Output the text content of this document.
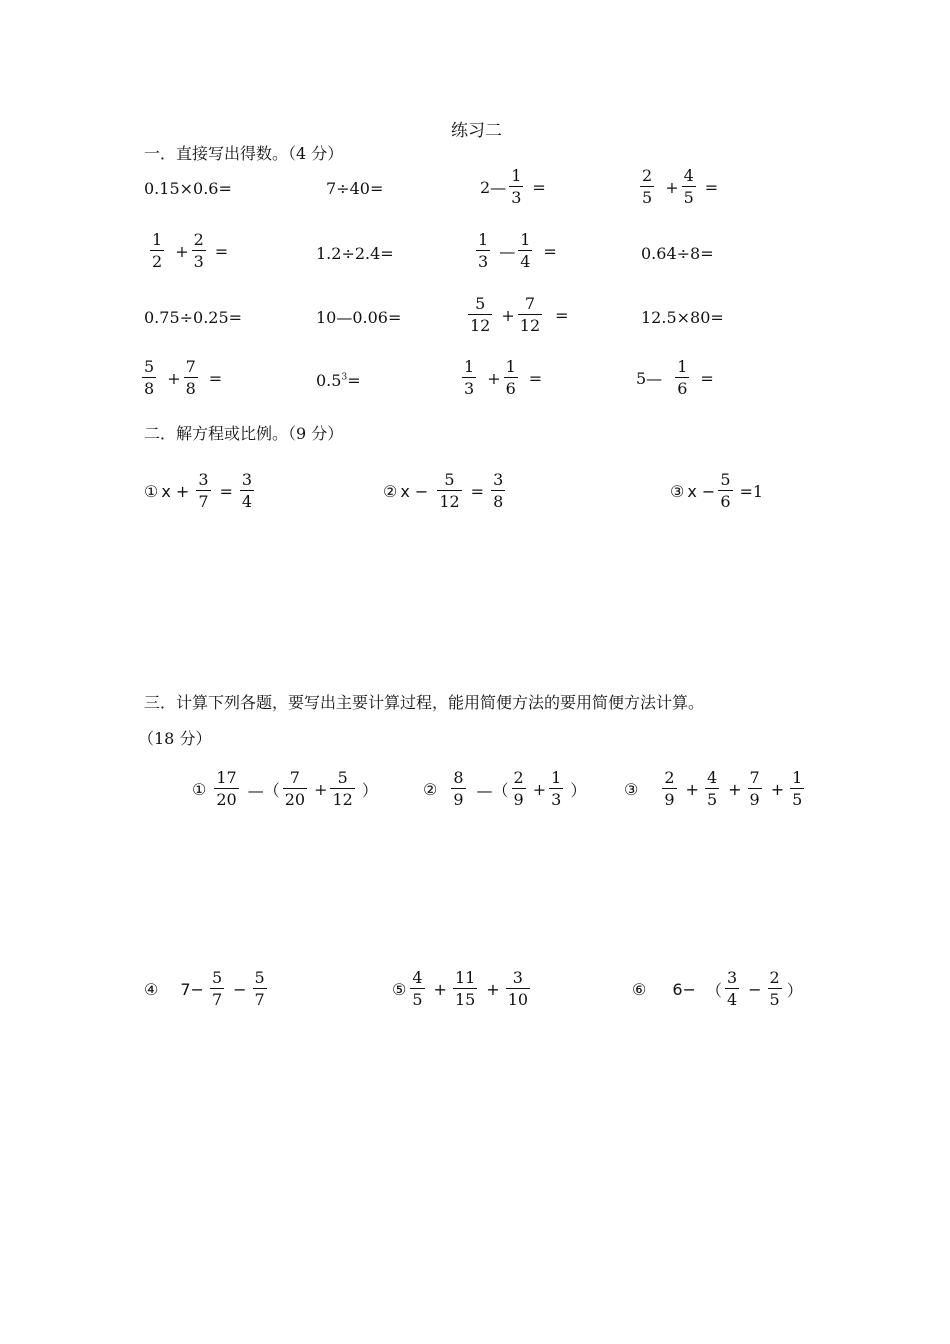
练习二
一．直接写出得数。（4 分）
0.15×0.6=	7÷40=	2— $\frac{1}{3}$ =	$\frac{2}{5} + \frac{4}{5}$ =
$\frac{1}{2} + \frac{2}{3}$ =	1.2÷2.4=	$\frac{1}{3}$ — $\frac{1}{4}$ =	0.64÷8=
0.75÷0.25=	10—0.06=	$\frac{5}{12} + \frac{7}{12}$ =	12.5×80=
$\frac{5}{8} + \frac{7}{8}$ =	$0.5^3=$	$\frac{1}{3} + \frac{1}{6}$ =	5— $\frac{1}{6}$ =
二．解方程或比例。（9 分）
① $x + \frac{3}{7} = \frac{3}{4}$	② $x - \frac{5}{12} = \frac{3}{8}$	③ $x - \frac{5}{6} =1$
三．计算下列各题，要写出主要计算过程，能用简便方法的要用简便方法计算。
（18 分）
① $\frac{17}{20}$ —（ $\frac{7}{20} + \frac{5}{12}$ ）	② $\frac{8}{9}$ —（ $\frac{2}{9} + \frac{1}{3}$ ） ③ $\frac{2}{9} + \frac{4}{5} + \frac{7}{9} + \frac{1}{5}$
④ $7- \frac{5}{7} - \frac{5}{7}$	⑤ $\frac{4}{5} + \frac{11}{15} + \frac{3}{10}$	⑥ 6− （ $\frac{3}{4} - \frac{2}{5}$ ）
